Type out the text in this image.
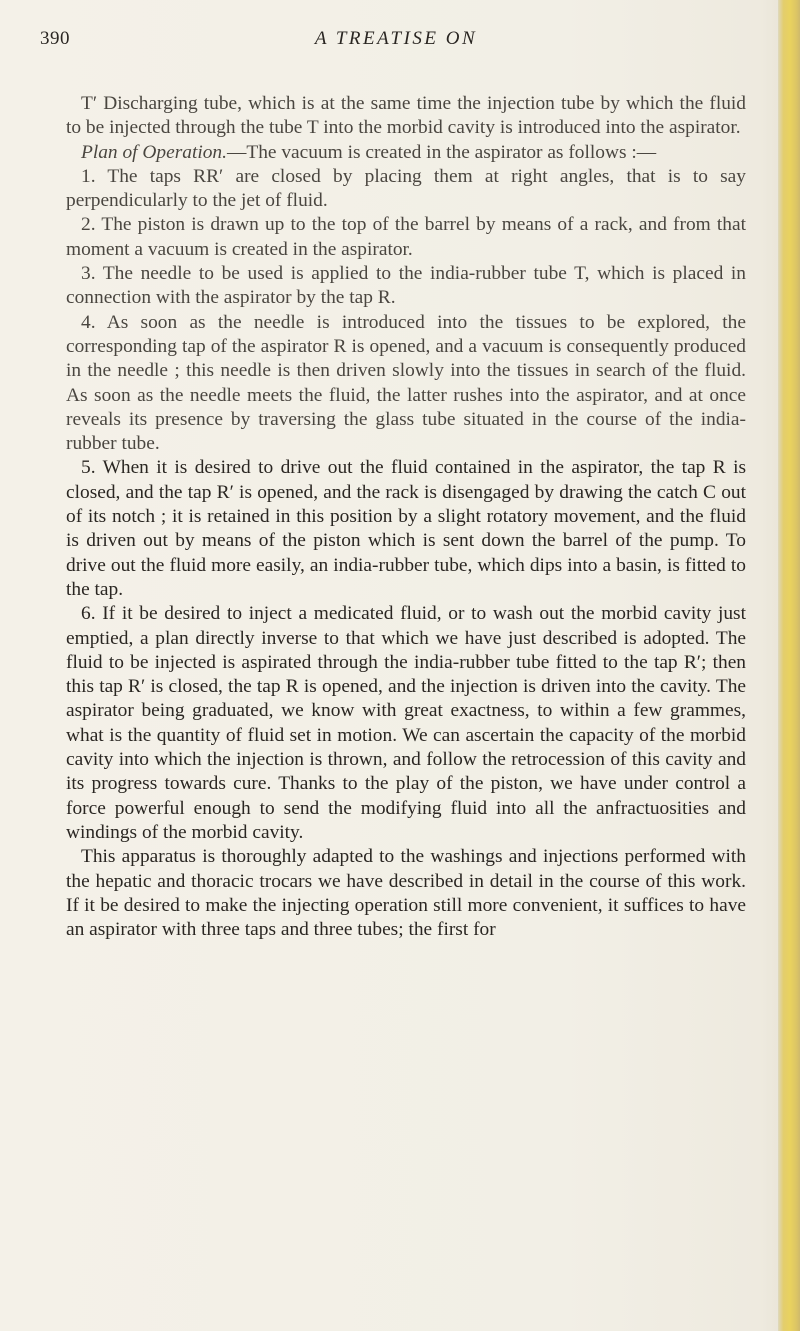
390	A TREATISE ON

T′ Discharging tube, which is at the same time the injection tube by which the fluid to be injected through the tube T into the morbid cavity is introduced into the aspirator.

Plan of Operation.—The vacuum is created in the aspirator as follows :—

1. The taps RR′ are closed by placing them at right angles, that is to say perpendicularly to the jet of fluid.

2. The piston is drawn up to the top of the barrel by means of a rack, and from that moment a vacuum is created in the aspirator.

3. The needle to be used is applied to the india-rubber tube T, which is placed in connection with the aspirator by the tap R.

4. As soon as the needle is introduced into the tissues to be explored, the corresponding tap of the aspirator R is opened, and a vacuum is consequently produced in the needle ; this needle is then driven slowly into the tissues in search of the fluid. As soon as the needle meets the fluid, the latter rushes into the aspirator, and at once reveals its presence by traversing the glass tube situated in the course of the india-rubber tube.

5. When it is desired to drive out the fluid contained in the aspirator, the tap R is closed, and the tap R′ is opened, and the rack is disengaged by drawing the catch C out of its notch ; it is retained in this position by a slight rotatory movement, and the fluid is driven out by means of the piston which is sent down the barrel of the pump. To drive out the fluid more easily, an india-rubber tube, which dips into a basin, is fitted to the tap.

6. If it be desired to inject a medicated fluid, or to wash out the morbid cavity just emptied, a plan directly inverse to that which we have just described is adopted. The fluid to be injected is aspirated through the india-rubber tube fitted to the tap R′; then this tap R′ is closed, the tap R is opened, and the injection is driven into the cavity. The aspirator being graduated, we know with great exactness, to within a few grammes, what is the quantity of fluid set in motion. We can ascertain the capacity of the morbid cavity into which the injection is thrown, and follow the retrocession of this cavity and its progress towards cure. Thanks to the play of the piston, we have under control a force powerful enough to send the modifying fluid into all the anfractuosities and windings of the morbid cavity.

This apparatus is thoroughly adapted to the washings and injections performed with the hepatic and thoracic trocars we have described in detail in the course of this work. If it be desired to make the injecting operation still more convenient, it suffices to have an aspirator with three taps and three tubes; the first for
